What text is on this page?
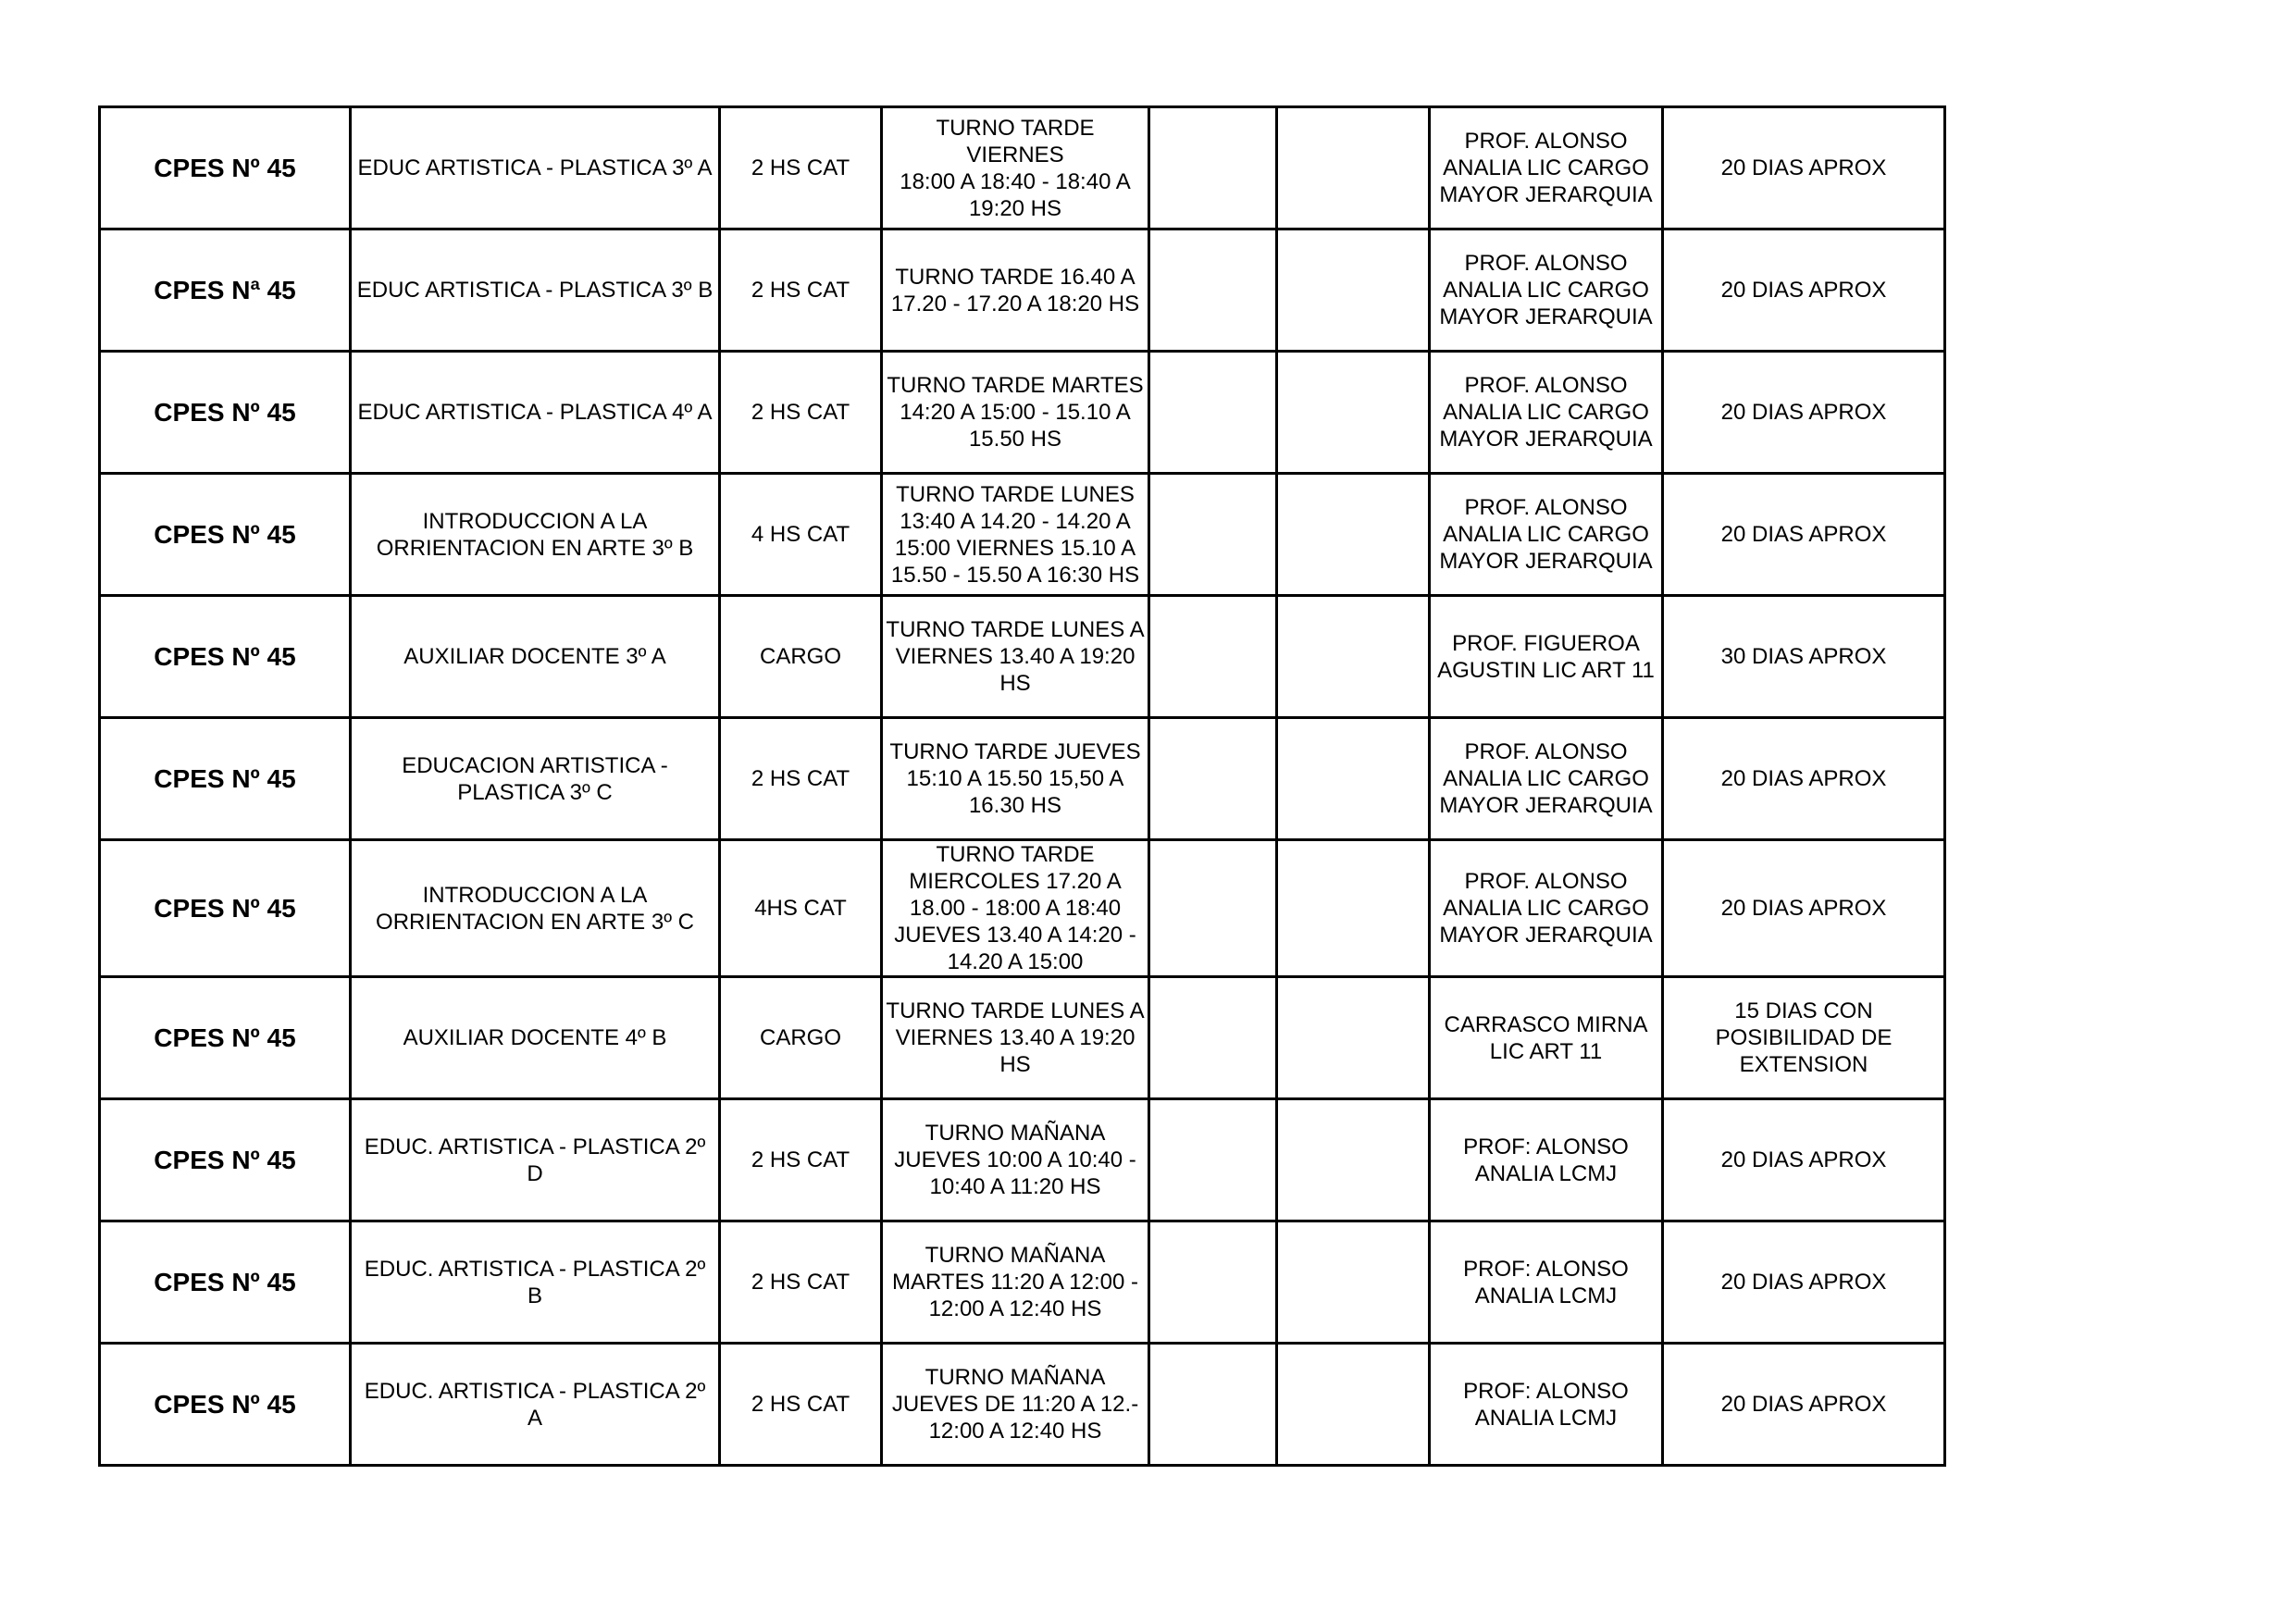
CPES Nº 45	EDUC ARTISTICA - PLASTICA 3º A	2 HS CAT	TURNO TARDE VIERNES
18:00 A 18:40 - 18:40 A
19:20 HS			PROF. ALONSO
ANALIA LIC CARGO
MAYOR JERARQUIA	20 DIAS APROX
CPES Nª 45	EDUC ARTISTICA - PLASTICA 3º B	2 HS CAT	TURNO TARDE 16.40 A
17.20 - 17.20 A 18:20 HS			PROF. ALONSO
ANALIA LIC CARGO
MAYOR JERARQUIA	20 DIAS APROX
CPES Nº 45	EDUC ARTISTICA - PLASTICA 4º A	2 HS CAT	TURNO TARDE MARTES
14:20 A 15:00 - 15.10 A
15.50 HS			PROF. ALONSO
ANALIA LIC CARGO
MAYOR JERARQUIA	20 DIAS APROX
CPES Nº 45	INTRODUCCION A LA
ORRIENTACION EN ARTE 3º B	4 HS CAT	TURNO TARDE LUNES
13:40 A 14.20 - 14.20 A
15:00 VIERNES 15.10 A
15.50 - 15.50 A 16:30 HS			PROF. ALONSO
ANALIA LIC CARGO
MAYOR JERARQUIA	20 DIAS APROX
CPES Nº 45	AUXILIAR DOCENTE 3º A	CARGO	TURNO TARDE LUNES A
VIERNES 13.40 A 19:20
HS			PROF. FIGUEROA
AGUSTIN LIC ART 11	30 DIAS APROX
CPES Nº 45	EDUCACION ARTISTICA -
PLASTICA 3º C	2 HS CAT	TURNO TARDE JUEVES
15:10 A 15.50 15,50 A
16.30 HS			PROF. ALONSO
ANALIA LIC CARGO
MAYOR JERARQUIA	20 DIAS APROX
CPES Nº 45	INTRODUCCION A LA
ORRIENTACION EN ARTE 3º C	4HS CAT	TURNO TARDE
MIERCOLES 17.20 A
18.00 - 18:00 A 18:40
JUEVES 13.40 A 14:20 -
14.20 A 15:00			PROF. ALONSO
ANALIA LIC CARGO
MAYOR JERARQUIA	20 DIAS APROX
CPES Nº 45	AUXILIAR DOCENTE 4º B	CARGO	TURNO TARDE LUNES A
VIERNES 13.40 A 19:20
HS			CARRASCO MIRNA
LIC ART 11	15 DIAS CON
POSIBILIDAD DE
EXTENSION
CPES Nº 45	EDUC. ARTISTICA - PLASTICA 2º D	2 HS CAT	TURNO MAÑANA
JUEVES 10:00 A 10:40 -
10:40 A 11:20 HS			PROF: ALONSO
ANALIA LCMJ	20 DIAS APROX
CPES Nº 45	EDUC. ARTISTICA - PLASTICA 2º B	2 HS CAT	TURNO MAÑANA
MARTES 11:20 A 12:00 -
12:00 A 12:40 HS			PROF: ALONSO
ANALIA LCMJ	20 DIAS APROX
CPES Nº 45	EDUC. ARTISTICA - PLASTICA 2º A	2 HS CAT	TURNO MAÑANA
JUEVES DE 11:20 A 12.-
12:00 A 12:40 HS			PROF: ALONSO
ANALIA LCMJ	20 DIAS APROX
